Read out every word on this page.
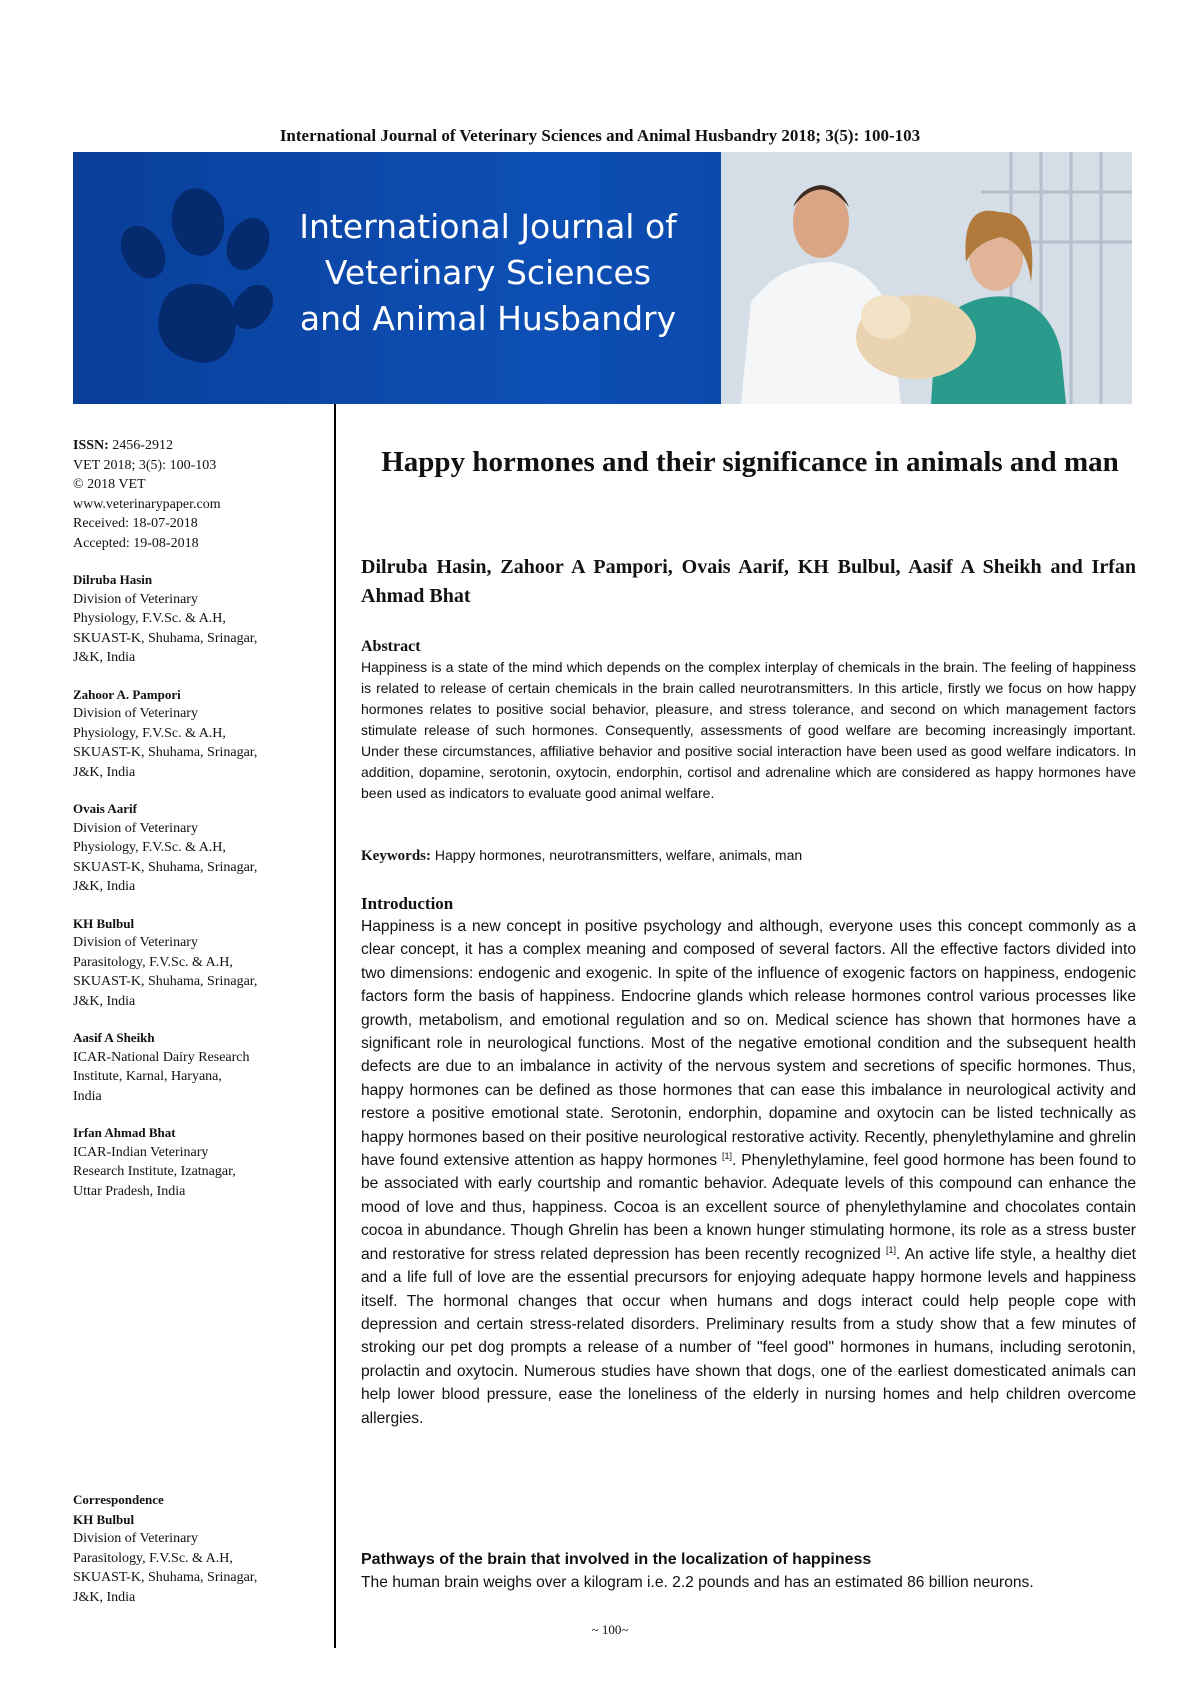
International Journal of Veterinary Sciences and Animal Husbandry 2018; 3(5): 100-103
International Journal of
Veterinary Sciences
and Animal Husbandry
ISSN: 2456-2912
VET 2018; 3(5): 100-103
© 2018 VET
www.veterinarypaper.com
Received: 18-07-2018
Accepted: 19-08-2018
Dilruba Hasin
Division of Veterinary
Physiology, F.V.Sc. & A.H,
SKUAST-K, Shuhama, Srinagar,
J&K, India
Zahoor A. Pampori
Division of Veterinary
Physiology, F.V.Sc. & A.H,
SKUAST-K, Shuhama, Srinagar,
J&K, India
Ovais Aarif
Division of Veterinary
Physiology, F.V.Sc. & A.H,
SKUAST-K, Shuhama, Srinagar,
J&K, India
KH Bulbul
Division of Veterinary
Parasitology, F.V.Sc. & A.H,
SKUAST-K, Shuhama, Srinagar,
J&K, India
Aasif A Sheikh
ICAR-National Dairy Research
Institute, Karnal, Haryana,
India
Irfan Ahmad Bhat
ICAR-Indian Veterinary
Research Institute, Izatnagar,
Uttar Pradesh, India
Correspondence
KH Bulbul
Division of Veterinary
Parasitology, F.V.Sc. & A.H,
SKUAST-K, Shuhama, Srinagar,
J&K, India
Happy hormones and their significance in animals and man
Dilruba Hasin, Zahoor A Pampori, Ovais Aarif, KH Bulbul, Aasif A Sheikh and Irfan Ahmad Bhat
Abstract
Happiness is a state of the mind which depends on the complex interplay of chemicals in the brain. The feeling of happiness is related to release of certain chemicals in the brain called neurotransmitters. In this article, firstly we focus on how happy hormones relates to positive social behavior, pleasure, and stress tolerance, and second on which management factors stimulate release of such hormones. Consequently, assessments of good welfare are becoming increasingly important. Under these circumstances, affiliative behavior and positive social interaction have been used as good welfare indicators. In addition, dopamine, serotonin, oxytocin, endorphin, cortisol and adrenaline which are considered as happy hormones have been used as indicators to evaluate good animal welfare.
Keywords: Happy hormones, neurotransmitters, welfare, animals, man
Introduction
Happiness is a new concept in positive psychology and although, everyone uses this concept commonly as a clear concept, it has a complex meaning and composed of several factors. All the effective factors divided into two dimensions: endogenic and exogenic. In spite of the influence of exogenic factors on happiness, endogenic factors form the basis of happiness. Endocrine glands which release hormones control various processes like growth, metabolism, and emotional regulation and so on. Medical science has shown that hormones have a significant role in neurological functions. Most of the negative emotional condition and the subsequent health defects are due to an imbalance in activity of the nervous system and secretions of specific hormones. Thus, happy hormones can be defined as those hormones that can ease this imbalance in neurological activity and restore a positive emotional state. Serotonin, endorphin, dopamine and oxytocin can be listed technically as happy hormones based on their positive neurological restorative activity. Recently, phenylethylamine and ghrelin have found extensive attention as happy hormones [1]. Phenylethylamine, feel good hormone has been found to be associated with early courtship and romantic behavior. Adequate levels of this compound can enhance the mood of love and thus, happiness. Cocoa is an excellent source of phenylethylamine and chocolates contain cocoa in abundance. Though Ghrelin has been a known hunger stimulating hormone, its role as a stress buster and restorative for stress related depression has been recently recognized [1]. An active life style, a healthy diet and a life full of love are the essential precursors for enjoying adequate happy hormone levels and happiness itself. The hormonal changes that occur when humans and dogs interact could help people cope with depression and certain stress-related disorders. Preliminary results from a study show that a few minutes of stroking our pet dog prompts a release of a number of "feel good" hormones in humans, including serotonin, prolactin and oxytocin. Numerous studies have shown that dogs, one of the earliest domesticated animals can help lower blood pressure, ease the loneliness of the elderly in nursing homes and help children overcome allergies.
Pathways of the brain that involved in the localization of happiness
The human brain weighs over a kilogram i.e. 2.2 pounds and has an estimated 86 billion neurons.
~ 100~
